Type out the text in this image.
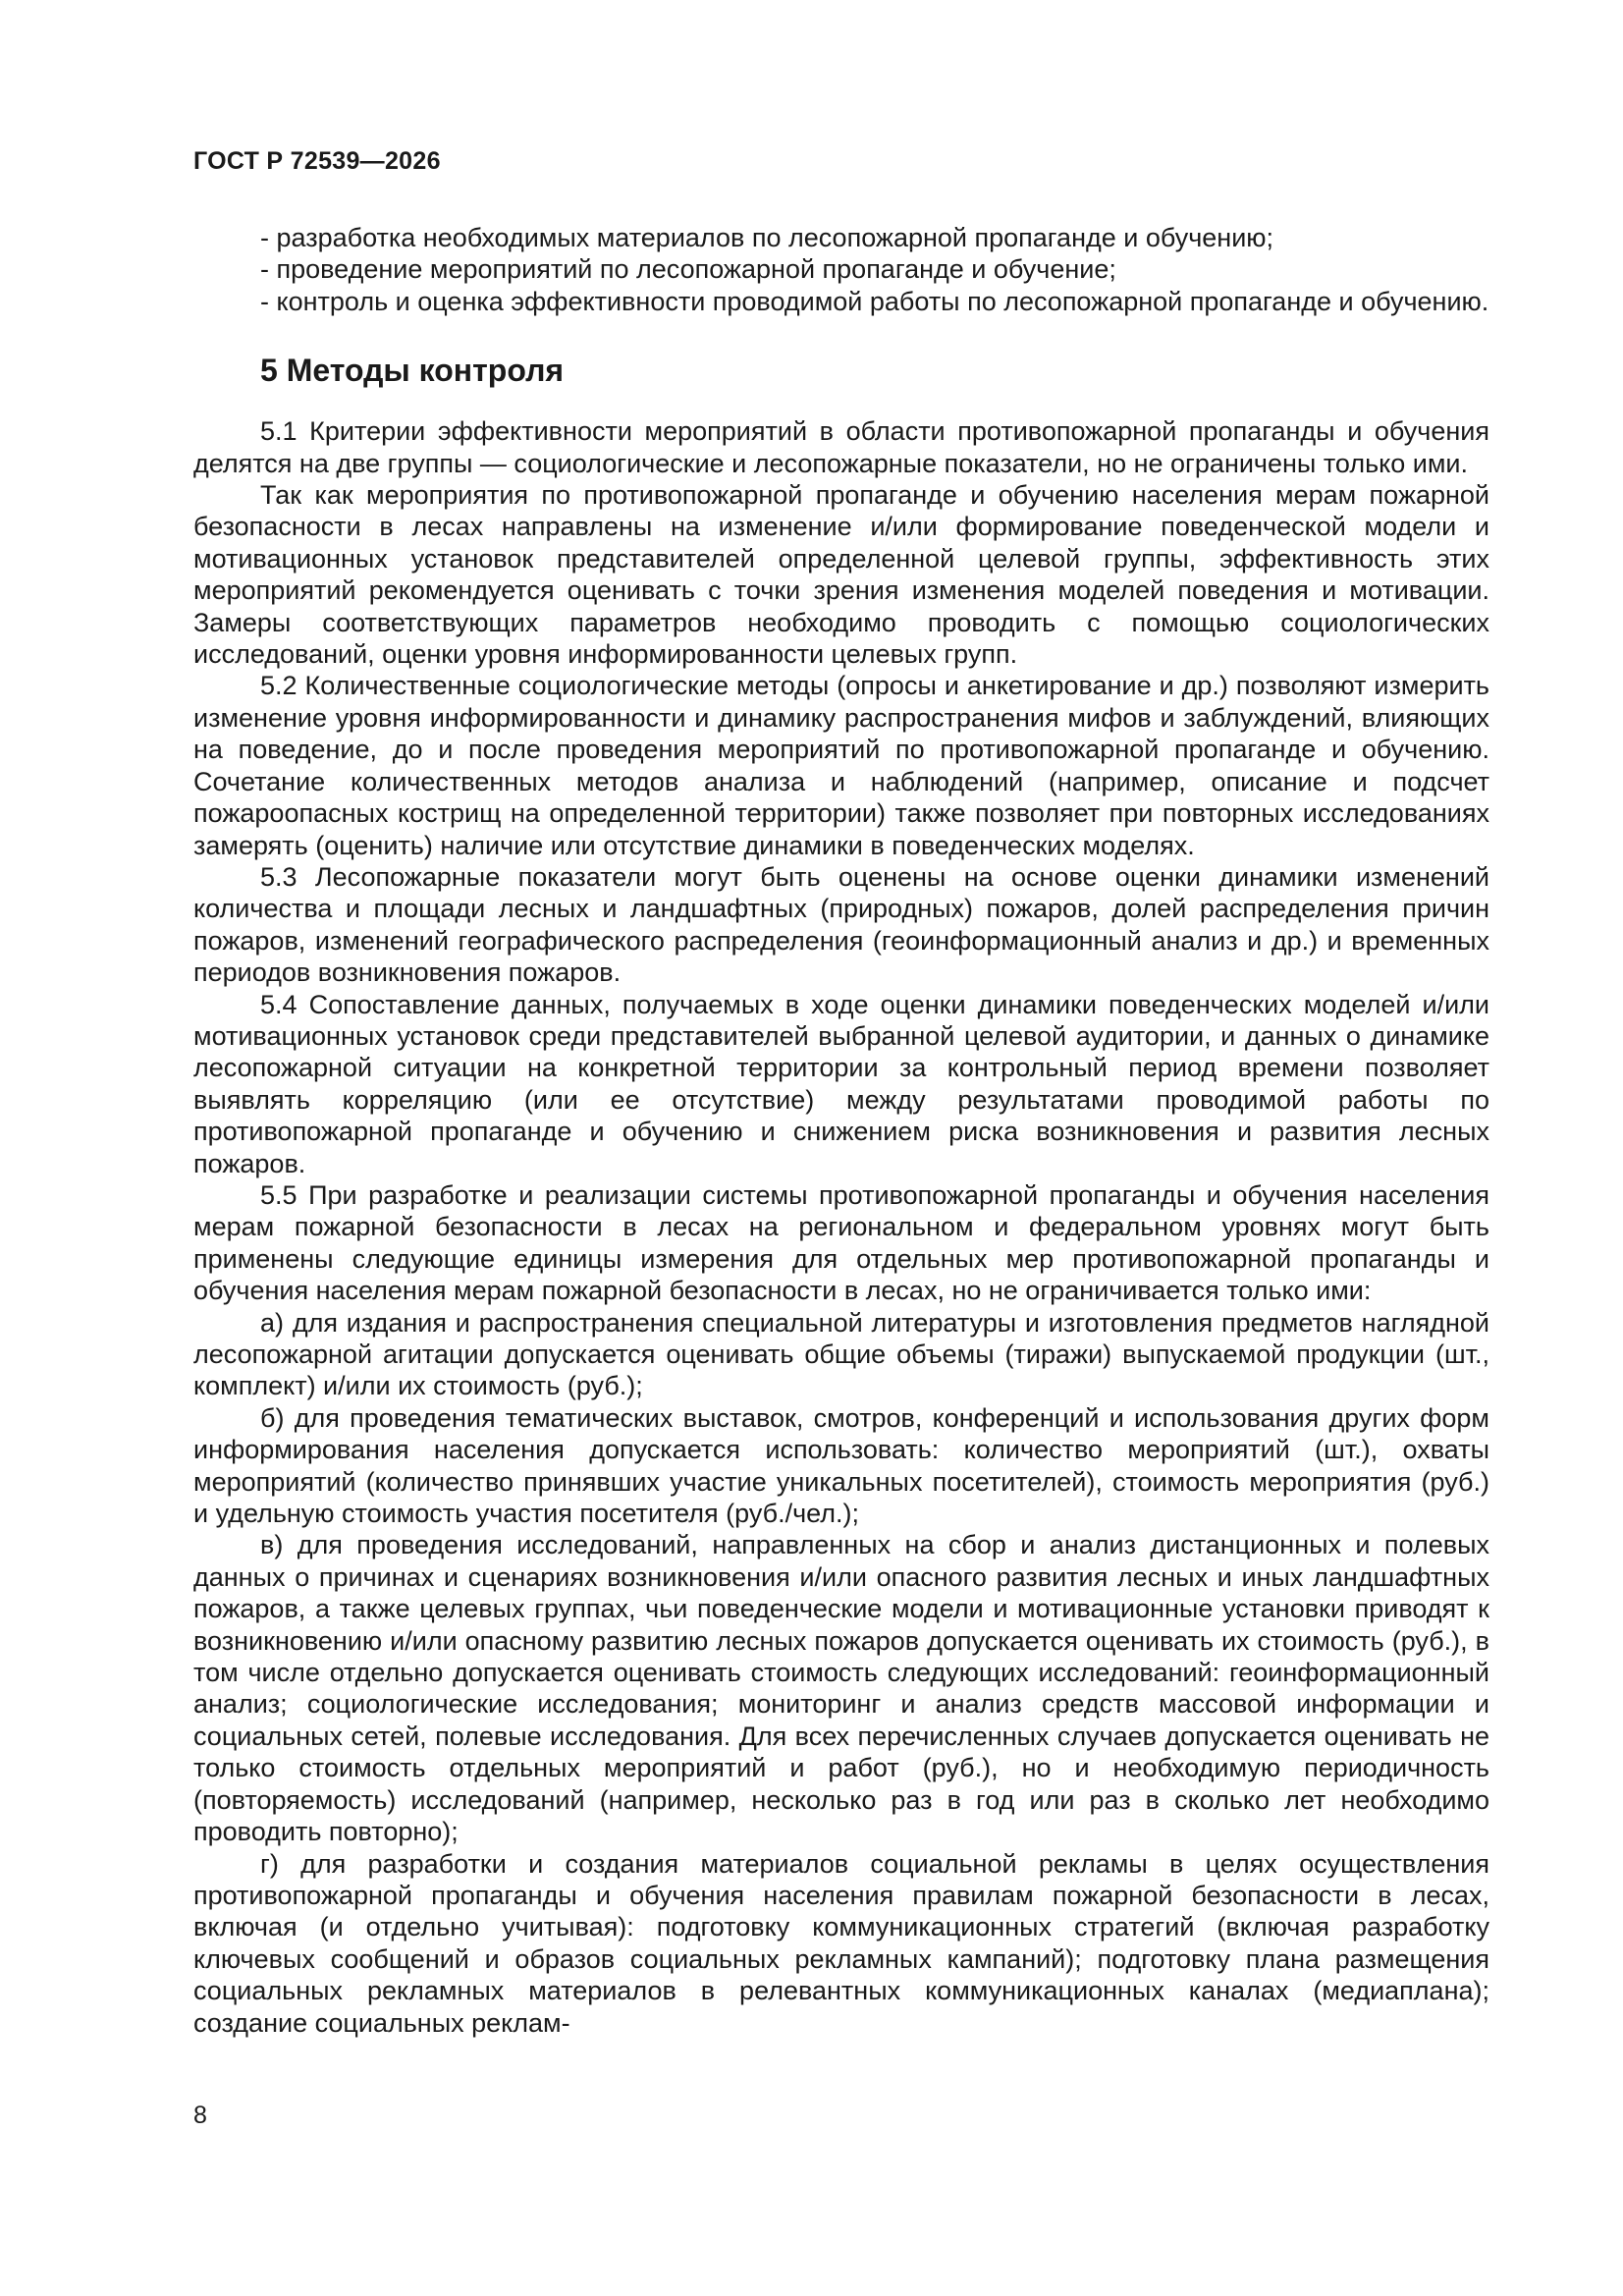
ГОСТ Р 72539—2026

- разработка необходимых материалов по лесопожарной пропаганде и обучению;

- проведение мероприятий по лесопожарной пропаганде и обучение;

- контроль и оценка эффективности проводимой работы по лесопожарной пропаганде и обучению.

5 Методы контроля

5.1 Критерии эффективности мероприятий в области противопожарной пропаганды и обучения делятся на две группы — социологические и лесопожарные показатели, но не ограничены только ими.

Так как мероприятия по противопожарной пропаганде и обучению населения мерам пожарной безопасности в лесах направлены на изменение и/или формирование поведенческой модели и мотивационных установок представителей определенной целевой группы, эффективность этих мероприятий рекомендуется оценивать с точки зрения изменения моделей поведения и мотивации. Замеры соответствующих параметров необходимо проводить с помощью социологических исследований, оценки уровня информированности целевых групп.

5.2 Количественные социологические методы (опросы и анкетирование и др.) позволяют измерить изменение уровня информированности и динамику распространения мифов и заблуждений, влияющих на поведение, до и после проведения мероприятий по противопожарной пропаганде и обучению. Сочетание количественных методов анализа и наблюдений (например, описание и подсчет пожароопасных кострищ на определенной территории) также позволяет при повторных исследованиях замерять (оценить) наличие или отсутствие динамики в поведенческих моделях.

5.3 Лесопожарные показатели могут быть оценены на основе оценки динамики изменений количества и площади лесных и ландшафтных (природных) пожаров, долей распределения причин пожаров, изменений географического распределения (геоинформационный анализ и др.) и временных периодов возникновения пожаров.

5.4 Сопоставление данных, получаемых в ходе оценки динамики поведенческих моделей и/или мотивационных установок среди представителей выбранной целевой аудитории, и данных о динамике лесопожарной ситуации на конкретной территории за контрольный период времени позволяет выявлять корреляцию (или ее отсутствие) между результатами проводимой работы по противопожарной пропаганде и обучению и снижением риска возникновения и развития лесных пожаров.

5.5 При разработке и реализации системы противопожарной пропаганды и обучения населения мерам пожарной безопасности в лесах на региональном и федеральном уровнях могут быть применены следующие единицы измерения для отдельных мер противопожарной пропаганды и обучения населения мерам пожарной безопасности в лесах, но не ограничивается только ими:

а) для издания и распространения специальной литературы и изготовления предметов наглядной лесопожарной агитации допускается оценивать общие объемы (тиражи) выпускаемой продукции (шт., комплект) и/или их стоимость (руб.);

б) для проведения тематических выставок, смотров, конференций и использования других форм информирования населения допускается использовать: количество мероприятий (шт.), охваты мероприятий (количество принявших участие уникальных посетителей), стоимость мероприятия (руб.) и удельную стоимость участия посетителя (руб./чел.);

в) для проведения исследований, направленных на сбор и анализ дистанционных и полевых данных о причинах и сценариях возникновения и/или опасного развития лесных и иных ландшафтных пожаров, а также целевых группах, чьи поведенческие модели и мотивационные установки приводят к возникновению и/или опасному развитию лесных пожаров допускается оценивать их стоимость (руб.), в том числе отдельно допускается оценивать стоимость следующих исследований: геоинформационный анализ; социологические исследования; мониторинг и анализ средств массовой информации и социальных сетей, полевые исследования. Для всех перечисленных случаев допускается оценивать не только стоимость отдельных мероприятий и работ (руб.), но и необходимую периодичность (повторяемость) исследований (например, несколько раз в год или раз в сколько лет необходимо проводить повторно);

г) для разработки и создания материалов социальной рекламы в целях осуществления противопожарной пропаганды и обучения населения правилам пожарной безопасности в лесах, включая (и отдельно учитывая): подготовку коммуникационных стратегий (включая разработку ключевых сообщений и образов социальных рекламных кампаний); подготовку плана размещения социальных рекламных материалов в релевантных коммуникационных каналах (медиаплана); создание социальных реклам-

8
